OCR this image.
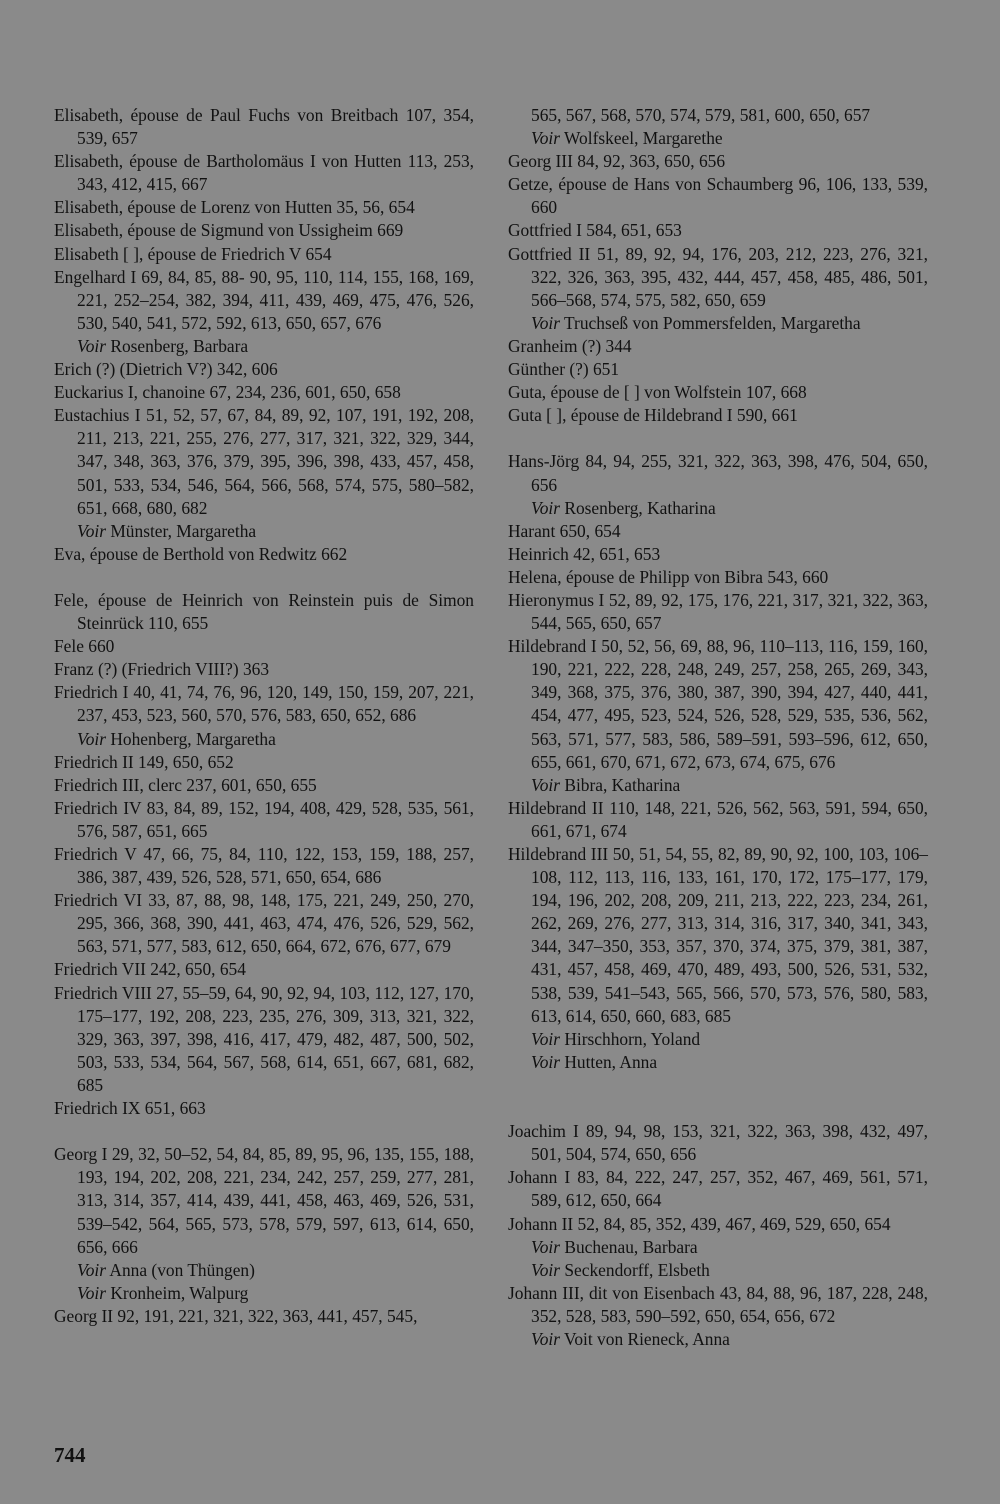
Elisabeth, épouse de Paul Fuchs von Breitbach 107, 354, 539, 657
Elisabeth, épouse de Bartholomäus I von Hutten 113, 253, 343, 412, 415, 667
Elisabeth, épouse de Lorenz von Hutten 35, 56, 654
Elisabeth, épouse de Sigmund von Ussigheim 669
Elisabeth [ ], épouse de Friedrich V 654
Engelhard I 69, 84, 85, 88- 90, 95, 110, 114, 155, 168, 169, 221, 252–254, 382, 394, 411, 439, 469, 475, 476, 526, 530, 540, 541, 572, 592, 613, 650, 657, 676
Voir Rosenberg, Barbara
Erich (?) (Dietrich V?) 342, 606
Euckarius I, chanoine 67, 234, 236, 601, 650, 658
Eustachius I 51, 52, 57, 67, 84, 89, 92, 107, 191, 192, 208, 211, 213, 221, 255, 276, 277, 317, 321, 322, 329, 344, 347, 348, 363, 376, 379, 395, 396, 398, 433, 457, 458, 501, 533, 534, 546, 564, 566, 568, 574, 575, 580–582, 651, 668, 680, 682
Voir Münster, Margaretha
Eva, épouse de Berthold von Redwitz 662
Fele, épouse de Heinrich von Reinstein puis de Simon Steinrück 110, 655
Fele 660
Franz (?) (Friedrich VIII?) 363
Friedrich I 40, 41, 74, 76, 96, 120, 149, 150, 159, 207, 221, 237, 453, 523, 560, 570, 576, 583, 650, 652, 686
Voir Hohenberg, Margaretha
Friedrich II 149, 650, 652
Friedrich III, clerc 237, 601, 650, 655
Friedrich IV 83, 84, 89, 152, 194, 408, 429, 528, 535, 561, 576, 587, 651, 665
Friedrich V 47, 66, 75, 84, 110, 122, 153, 159, 188, 257, 386, 387, 439, 526, 528, 571, 650, 654, 686
Friedrich VI 33, 87, 88, 98, 148, 175, 221, 249, 250, 270, 295, 366, 368, 390, 441, 463, 474, 476, 526, 529, 562, 563, 571, 577, 583, 612, 650, 664, 672, 676, 677, 679
Friedrich VII 242, 650, 654
Friedrich VIII 27, 55–59, 64, 90, 92, 94, 103, 112, 127, 170, 175–177, 192, 208, 223, 235, 276, 309, 313, 321, 322, 329, 363, 397, 398, 416, 417, 479, 482, 487, 500, 502, 503, 533, 534, 564, 567, 568, 614, 651, 667, 681, 682, 685
Friedrich IX 651, 663
Georg I 29, 32, 50–52, 54, 84, 85, 89, 95, 96, 135, 155, 188, 193, 194, 202, 208, 221, 234, 242, 257, 259, 277, 281, 313, 314, 357, 414, 439, 441, 458, 463, 469, 526, 531, 539–542, 564, 565, 573, 578, 579, 597, 613, 614, 650, 656, 666
Voir Anna (von Thüngen)
Voir Kronheim, Walpurg
Georg II 92, 191, 221, 321, 322, 363, 441, 457, 545,
565, 567, 568, 570, 574, 579, 581, 600, 650, 657
Voir Wolfskeel, Margarethe
Georg III 84, 92, 363, 650, 656
Getze, épouse de Hans von Schaumberg 96, 106, 133, 539, 660
Gottfried I 584, 651, 653
Gottfried II 51, 89, 92, 94, 176, 203, 212, 223, 276, 321, 322, 326, 363, 395, 432, 444, 457, 458, 485, 486, 501, 566–568, 574, 575, 582, 650, 659
Voir Truchseß von Pommersfelden, Margaretha
Granheim (?) 344
Günther (?) 651
Guta, épouse de [ ] von Wolfstein 107, 668
Guta [ ], épouse de Hildebrand I 590, 661
Hans-Jörg 84, 94, 255, 321, 322, 363, 398, 476, 504, 650, 656
Voir Rosenberg, Katharina
Harant 650, 654
Heinrich 42, 651, 653
Helena, épouse de Philipp von Bibra 543, 660
Hieronymus I 52, 89, 92, 175, 176, 221, 317, 321, 322, 363, 544, 565, 650, 657
Hildebrand I 50, 52, 56, 69, 88, 96, 110–113, 116, 159, 160, 190, 221, 222, 228, 248, 249, 257, 258, 265, 269, 343, 349, 368, 375, 376, 380, 387, 390, 394, 427, 440, 441, 454, 477, 495, 523, 524, 526, 528, 529, 535, 536, 562, 563, 571, 577, 583, 586, 589–591, 593–596, 612, 650, 655, 661, 670, 671, 672, 673, 674, 675, 676
Voir Bibra, Katharina
Hildebrand II 110, 148, 221, 526, 562, 563, 591, 594, 650, 661, 671, 674
Hildebrand III 50, 51, 54, 55, 82, 89, 90, 92, 100, 103, 106–108, 112, 113, 116, 133, 161, 170, 172, 175–177, 179, 194, 196, 202, 208, 209, 211, 213, 222, 223, 234, 261, 262, 269, 276, 277, 313, 314, 316, 317, 340, 341, 343, 344, 347–350, 353, 357, 370, 374, 375, 379, 381, 387, 431, 457, 458, 469, 470, 489, 493, 500, 526, 531, 532, 538, 539, 541–543, 565, 566, 570, 573, 576, 580, 583, 613, 614, 650, 660, 683, 685
Voir Hirschhorn, Yoland
Voir Hutten, Anna
Joachim I 89, 94, 98, 153, 321, 322, 363, 398, 432, 497, 501, 504, 574, 650, 656
Johann I 83, 84, 222, 247, 257, 352, 467, 469, 561, 571, 589, 612, 650, 664
Johann II 52, 84, 85, 352, 439, 467, 469, 529, 650, 654
Voir Buchenau, Barbara
Voir Seckendorff, Elsbeth
Johann III, dit von Eisenbach 43, 84, 88, 96, 187, 228, 248, 352, 528, 583, 590–592, 650, 654, 656, 672
Voir Voit von Rieneck, Anna
744
